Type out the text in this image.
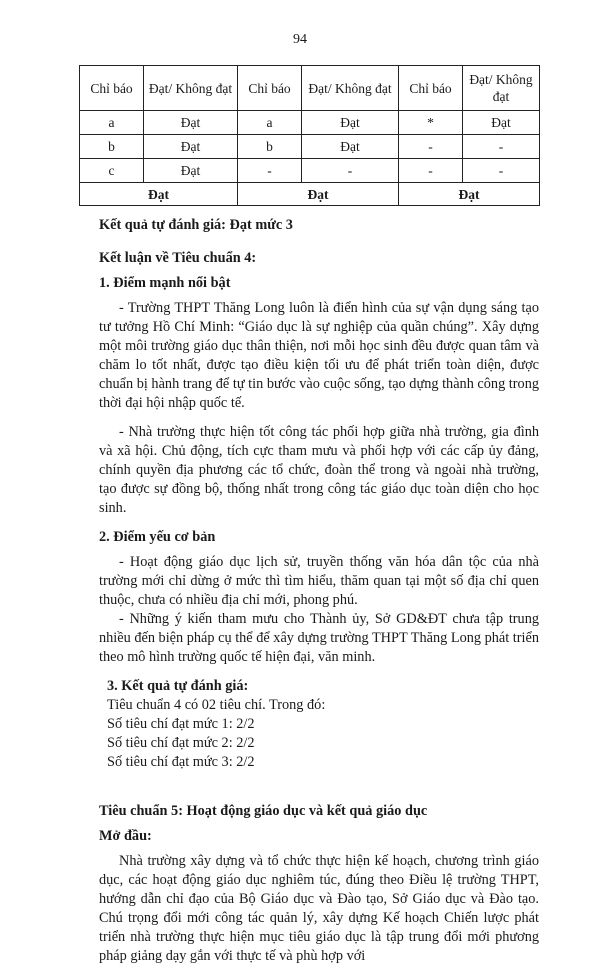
94
Chỉ báo	Đạt/ Không đạt	Chỉ báo	Đạt/ Không đạt	Chỉ báo	Đạt/ Không đạt
a	Đạt	a	Đạt	*	Đạt
b	Đạt	b	Đạt	-	-
c	Đạt	-	-	-	-
Đạt		Đạt		Đạt	

Kết quả tự đánh giá: Đạt mức 3

Kết luận về Tiêu chuẩn 4:

1. Điểm mạnh nổi bật

- Trường THPT Thăng Long luôn là điển hình của sự vận dụng sáng tạo tư tưởng Hồ Chí Minh: “Giáo dục là sự nghiệp của quần chúng”. Xây dựng một môi trường giáo dục thân thiện, nơi mỗi học sinh đều được quan tâm và chăm lo tốt nhất, được tạo điều kiện tối ưu để phát triển toàn diện, được chuẩn bị hành trang để tự tin bước vào cuộc sống, tạo dựng thành công trong thời đại hội nhập quốc tế.

- Nhà trường thực hiện tốt công tác phối hợp giữa nhà trường, gia đình và xã hội. Chủ động, tích cực tham mưu và phối hợp với các cấp ủy đảng, chính quyền địa phương các tổ chức, đoàn thể trong và ngoài nhà trường, tạo được sự đồng bộ, thống nhất trong công tác giáo dục toàn diện cho học sinh.

2. Điểm yếu cơ bản

- Hoạt động giáo dục lịch sử, truyền thống văn hóa dân tộc của nhà trường mới chỉ dừng ở mức thì tìm hiểu, thăm quan tại một số địa chỉ quen thuộc, chưa có nhiều địa chỉ mới, phong phú.

- Những ý kiến tham mưu cho Thành ủy, Sở GD&ĐT chưa tập trung nhiều đến biện pháp cụ thể để xây dựng trường THPT Thăng Long phát triển theo mô hình trường quốc tế hiện đại, văn minh.

3. Kết quả tự đánh giá:

Tiêu chuẩn 4 có 02 tiêu chí. Trong đó:

Số tiêu chí đạt mức 1: 2/2

Số tiêu chí đạt mức 2: 2/2

Số tiêu chí đạt mức 3: 2/2

Tiêu chuẩn 5: Hoạt động giáo dục và kết quả giáo dục

Mở đầu:

Nhà trường xây dựng và tổ chức thực hiện kế hoạch, chương trình giáo dục, các hoạt động giáo dục nghiêm túc, đúng theo Điều lệ trường THPT, hướng dẫn chỉ đạo của Bộ Giáo dục và Đào tạo, Sở Giáo dục và Đào tạo. Chú trọng đổi mới công tác quản lý, xây dựng Kế hoạch Chiến lược phát triển nhà trường thực hiện mục tiêu giáo dục là tập trung đổi mới phương pháp giảng dạy gắn với thực tế và phù hợp với
